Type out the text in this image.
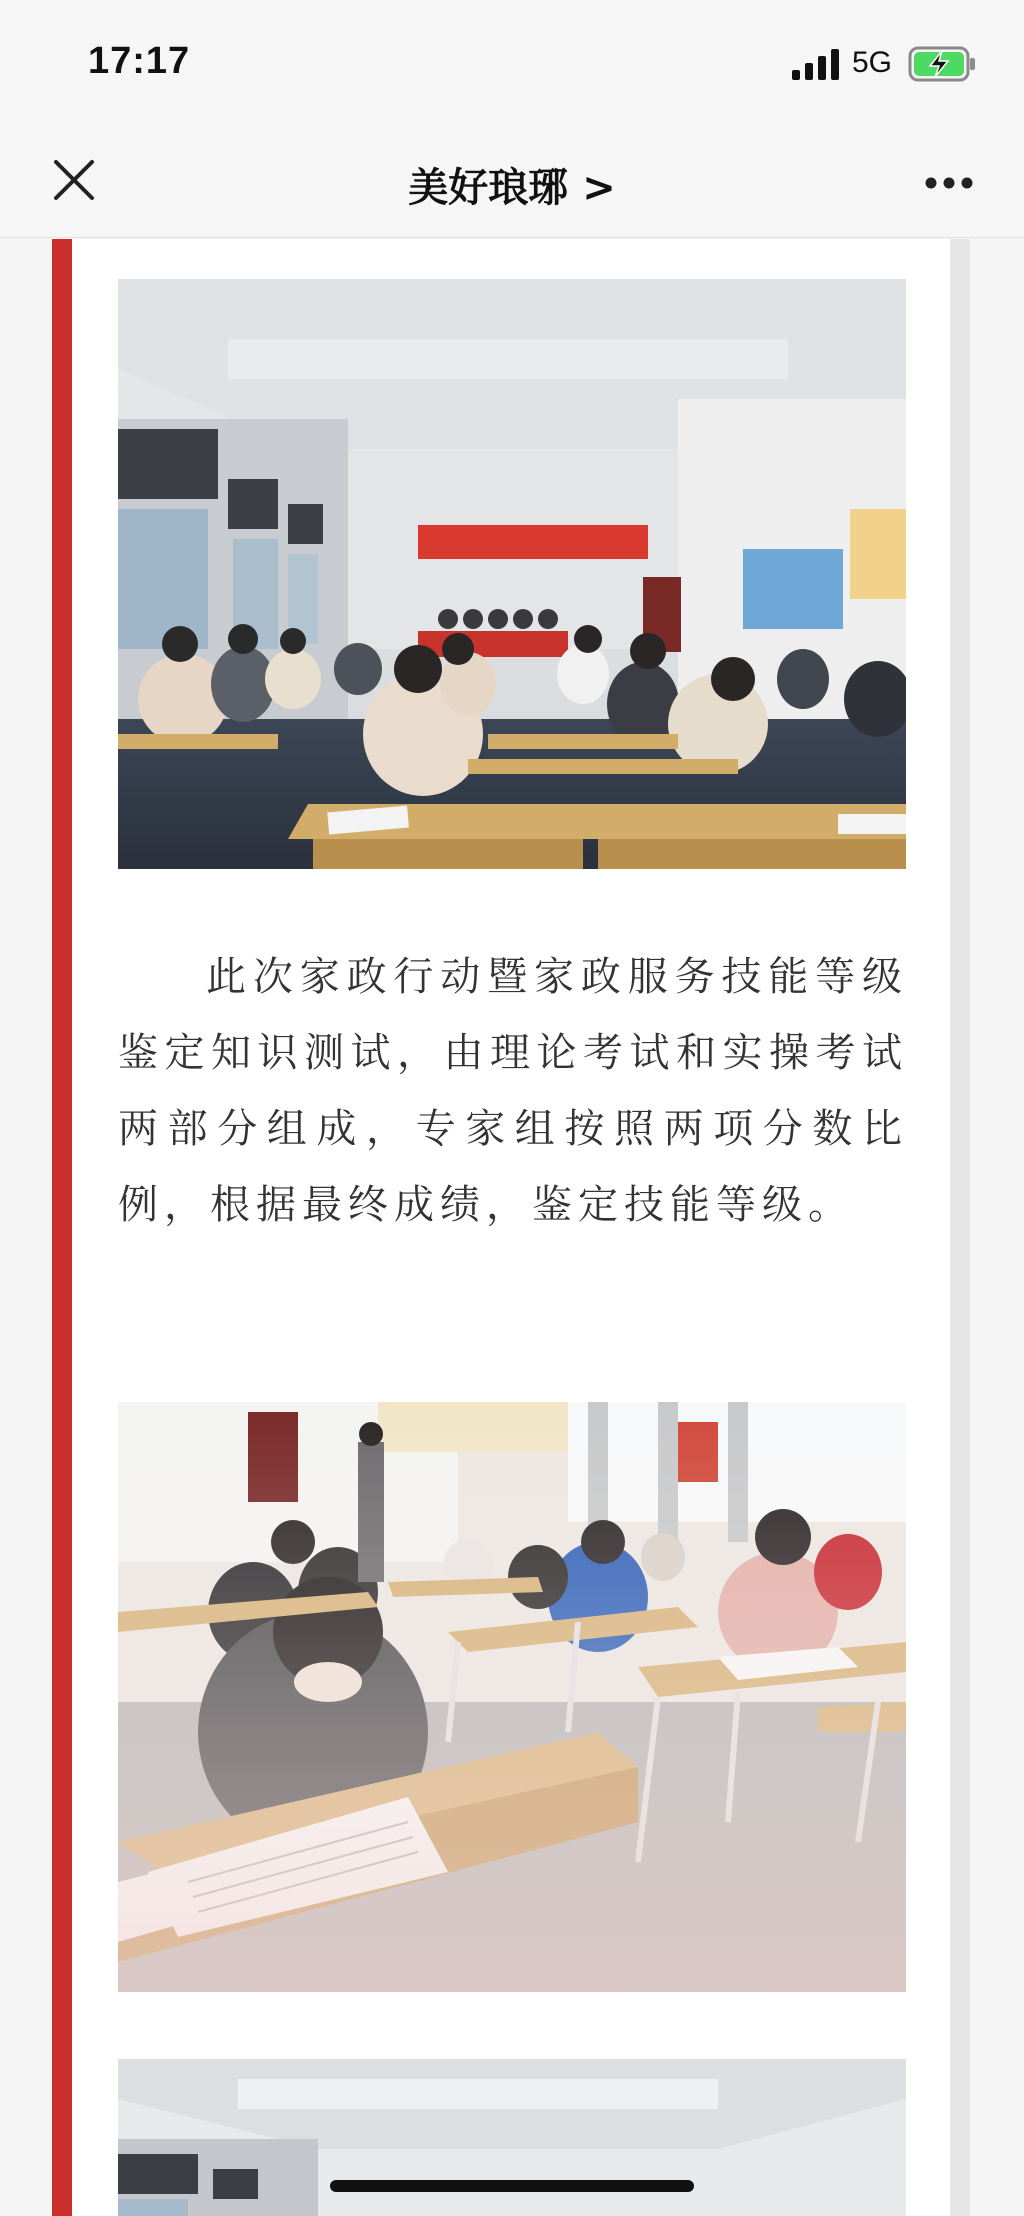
17:17	5G
美好琅琊 >

此次家政行动暨家政服务技能等级鉴定知识测试，由理论考试和实操考试两部分组成，专家组按照两项分数比例，根据最终成绩，鉴定技能等级。
